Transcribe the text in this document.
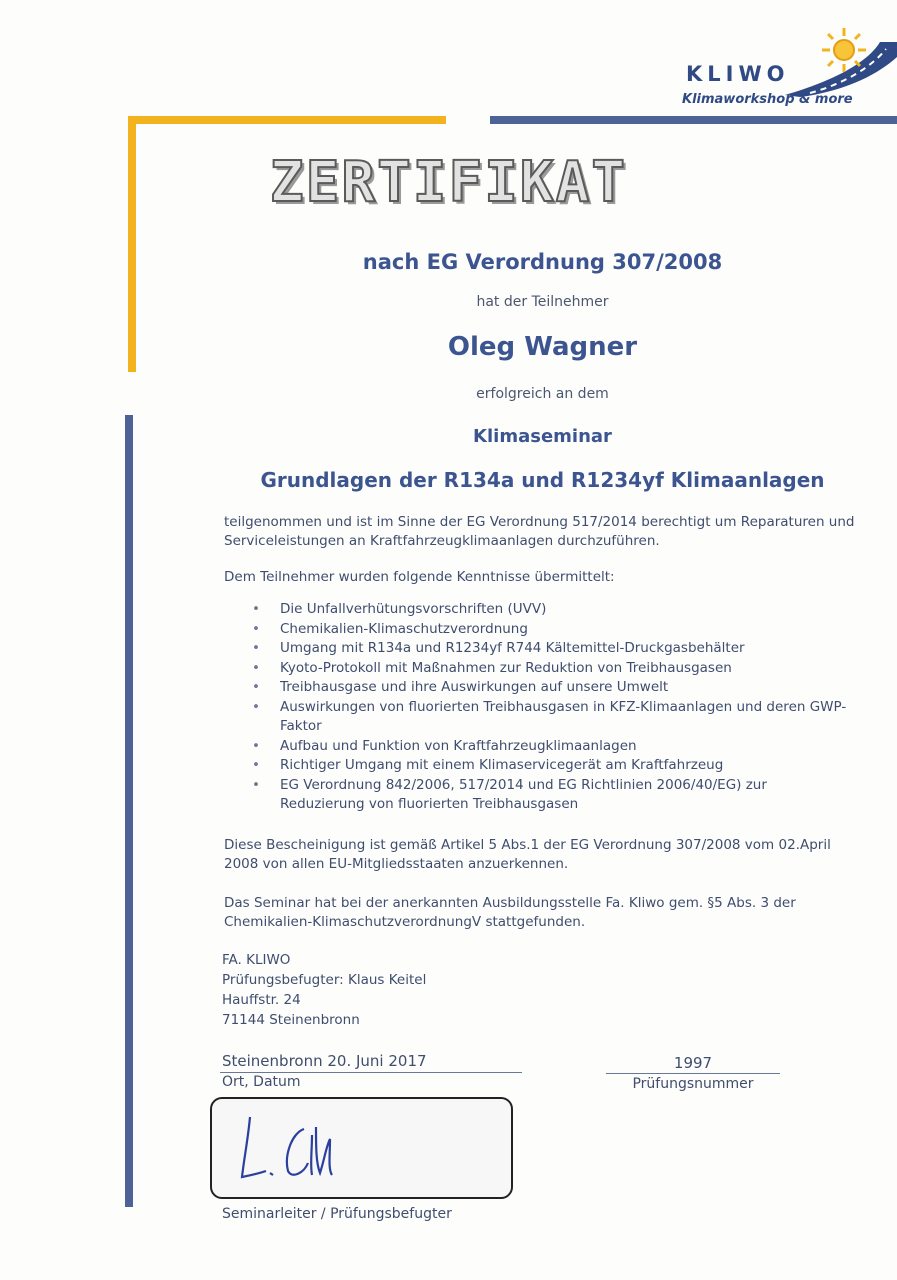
KLIWO
Klimaworkshop & more
ZERTIFIKAT
nach EG Verordnung 307/2008
hat der Teilnehmer
Oleg Wagner
erfolgreich an dem
Klimaseminar
Grundlagen der R134a und R1234yf Klimaanlagen
teilgenommen und ist im Sinne der EG Verordnung 517/2014 berechtigt um Reparaturen und Serviceleistungen an Kraftfahrzeugklimaanlagen durchzuführen.
Dem Teilnehmer wurden folgende Kenntnisse übermittelt:
• Die Unfallverhütungsvorschriften (UVV)
• Chemikalien-Klimaschutzverordnung
• Umgang mit R134a und R1234yf R744 Kältemittel-Druckgasbehälter
• Kyoto-Protokoll mit Maßnahmen zur Reduktion von Treibhausgasen
• Treibhausgase und ihre Auswirkungen auf unsere Umwelt
• Auswirkungen von fluorierten Treibhausgasen in KFZ-Klimaanlagen und deren GWP-Faktor
• Aufbau und Funktion von Kraftfahrzeugklimaanlagen
• Richtiger Umgang mit einem Klimaservicegerät am Kraftfahrzeug
• EG Verordnung 842/2006, 517/2014 und EG Richtlinien 2006/40/EG) zur Reduzierung von fluorierten Treibhausgasen
Diese Bescheinigung ist gemäß Artikel 5 Abs.1 der EG Verordnung 307/2008 vom 02.April 2008 von allen EU-Mitgliedsstaaten anzuerkennen.
Das Seminar hat bei der anerkannten Ausbildungsstelle Fa. Kliwo gem. §5 Abs. 3 der Chemikalien-KlimaschutzverordnungV stattgefunden.
FA. KLIWO
Prüfungsbefugter: Klaus Keitel
Hauffstr. 24
71144 Steinenbronn
Steinenbronn 20. Juni 2017
Ort, Datum
1997
Prüfungsnummer
Seminarleiter / Prüfungsbefugter
